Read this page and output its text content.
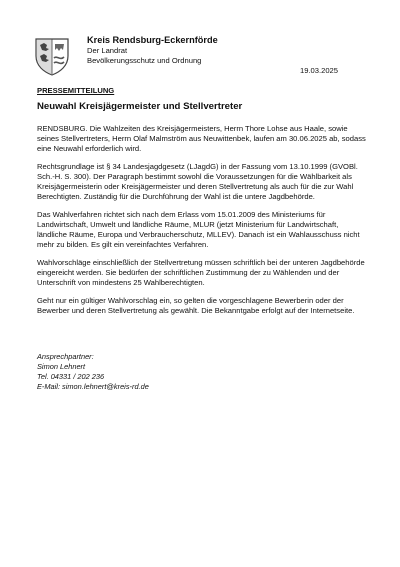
Kreis Rendsburg-Eckernförde
Der Landrat
Bevölkerungsschutz und Ordnung
19.03.2025
PRESSEMITTEILUNG
Neuwahl Kreisjägermeister und Stellvertreter

RENDSBURG. Die Wahlzeiten des Kreisjägermeisters, Herrn Thore Lohse aus Haale, sowie seines Stellvertreters, Herrn Olaf Malmström aus Neuwittenbek, laufen am 30.06.2025 ab, sodass eine Neuwahl erforderlich wird.

Rechtsgrundlage ist § 34 Landesjagdgesetz (LJagdG) in der Fassung vom 13.10.1999 (GVOBl. Sch.-H. S. 300). Der Paragraph bestimmt sowohl die Voraussetzungen für die Wählbarkeit als Kreisjägermeisterin oder Kreisjägermeister und deren Stellvertretung als auch für die zur Wahl Berechtigten. Zuständig für die Durchführung der Wahl ist die untere Jagdbehörde.

Das Wahlverfahren richtet sich nach dem Erlass vom 15.01.2009 des Ministeriums für Landwirtschaft, Umwelt und ländliche Räume, MLUR (jetzt Ministerium für Landwirtschaft, ländliche Räume, Europa und Verbraucherschutz, MLLEV). Danach ist ein Wahlausschuss nicht mehr zu bilden. Es gilt ein vereinfachtes Verfahren.

Wahlvorschläge einschließlich der Stellvertretung müssen schriftlich bei der unteren Jagdbehörde eingereicht werden. Sie bedürfen der schriftlichen Zustimmung der zu Wählenden und der Unterschrift von mindestens 25 Wahlberechtigten.

Geht nur ein gültiger Wahlvorschlag ein, so gelten die vorgeschlagene Bewerberin oder der Bewerber und deren Stellvertretung als gewählt. Die Bekanntgabe erfolgt auf der Internetseite.

Ansprechpartner:
Simon Lehnert
Tel. 04331 / 202 236
E-Mail: simon.lehnert@kreis-rd.de
